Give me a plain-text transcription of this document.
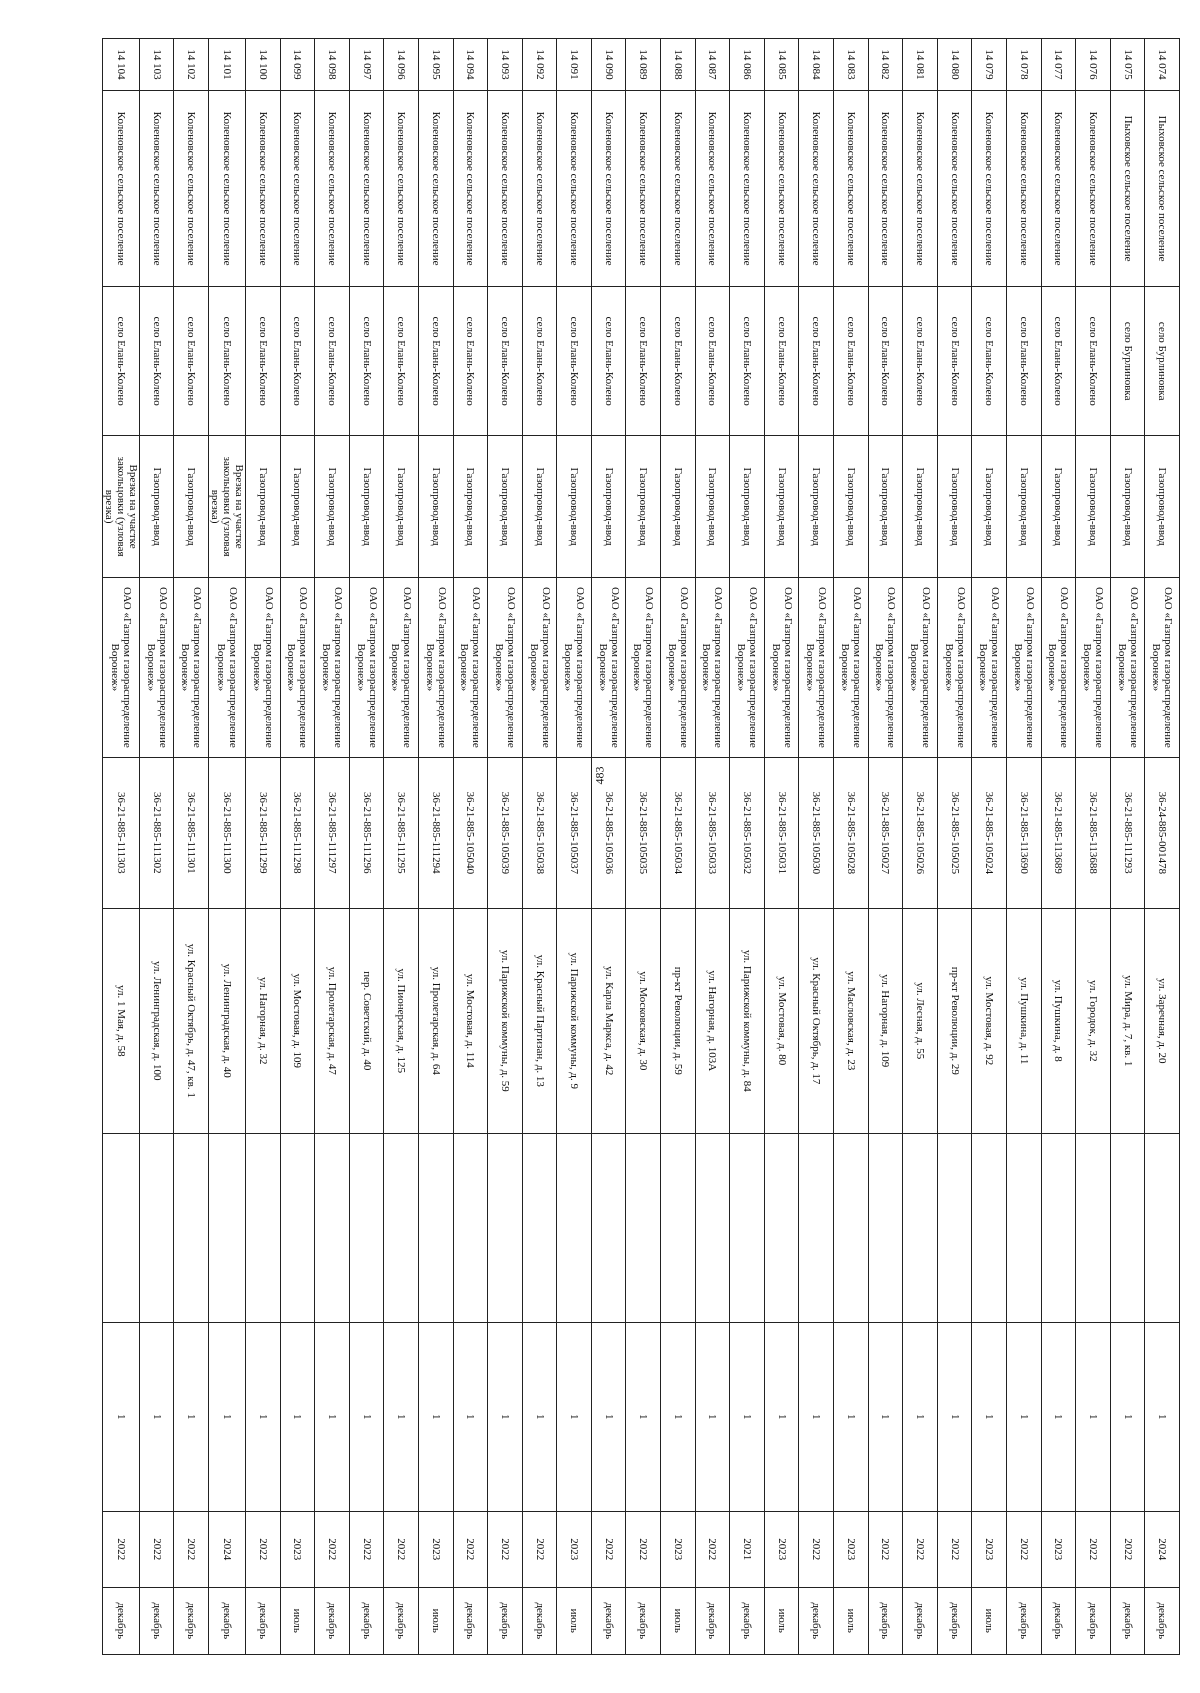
483
14 074	Пыховское сельское поселение	село Бурлиновка	Газопровод-ввод	ОАО «Газпром газораспределение Воронеж»	36-24-885-001478	ул. Заречная, д. 20		1	2024	декабрь
14 075	Пыховское сельское поселение	село Бурлиновка	Газопровод-ввод	ОАО «Газпром газораспределение Воронеж»	36-21-885-111293	ул. Мира, д. 7, кв. 1		1	2022	декабрь
14 076	Коленовское сельское поселение	село Елань-Колено	Газопровод-ввод	ОАО «Газпром газораспределение Воронеж»	36-21-885-113688	ул. Городок, д. 32		1	2022	декабрь
14 077	Коленовское сельское поселение	село Елань-Колено	Газопровод-ввод	ОАО «Газпром газораспределение Воронеж»	36-21-885-113689	ул. Пушкина, д. 8		1	2023	декабрь
14 078	Коленовское сельское поселение	село Елань-Колено	Газопровод-ввод	ОАО «Газпром газораспределение Воронеж»	36-21-885-113690	ул. Пушкина, д. 11		1	2022	декабрь
14 079	Коленовское сельское поселение	село Елань-Колено	Газопровод-ввод	ОАО «Газпром газораспределение Воронеж»	36-21-885-105024	ул. Мостовая, д. 92		1	2023	июль
14 080	Коленовское сельское поселение	село Елань-Колено	Газопровод-ввод	ОАО «Газпром газораспределение Воронеж»	36-21-885-105025	пр-кт Революции, д. 29		1	2022	декабрь
14 081	Коленовское сельское поселение	село Елань-Колено	Газопровод-ввод	ОАО «Газпром газораспределение Воронеж»	36-21-885-105026	ул. Лесная, д. 55		1	2022	декабрь
14 082	Коленовское сельское поселение	село Елань-Колено	Газопровод-ввод	ОАО «Газпром газораспределение Воронеж»	36-21-885-105027	ул. Нагорная, д. 109		1	2022	декабрь
14 083	Коленовское сельское поселение	село Елань-Колено	Газопровод-ввод	ОАО «Газпром газораспределение Воронеж»	36-21-885-105028	ул. Масловская, д. 23		1	2023	июль
14 084	Коленовское сельское поселение	село Елань-Колено	Газопровод-ввод	ОАО «Газпром газораспределение Воронеж»	36-21-885-105030	ул. Красный Октябрь, д. 17		1	2022	декабрь
14 085	Коленовское сельское поселение	село Елань-Колено	Газопровод-ввод	ОАО «Газпром газораспределение Воронеж»	36-21-885-105031	ул. Мостовая, д. 80		1	2023	июль
14 086	Коленовское сельское поселение	село Елань-Колено	Газопровод-ввод	ОАО «Газпром газораспределение Воронеж»	36-21-885-105032	ул. Парижской коммуны, д. 84		1	2021	декабрь
14 087	Коленовское сельское поселение	село Елань-Колено	Газопровод-ввод	ОАО «Газпром газораспределение Воронеж»	36-21-885-105033	ул. Нагорная, д. 103А		1	2022	декабрь
14 088	Коленовское сельское поселение	село Елань-Колено	Газопровод-ввод	ОАО «Газпром газораспределение Воронеж»	36-21-885-105034	пр-кт Революции, д. 59		1	2023	июль
14 089	Коленовское сельское поселение	село Елань-Колено	Газопровод-ввод	ОАО «Газпром газораспределение Воронеж»	36-21-885-105035	ул. Московская, д. 30		1	2022	декабрь
14 090	Коленовское сельское поселение	село Елань-Колено	Газопровод-ввод	ОАО «Газпром газораспределение Воронеж»	36-21-885-105036	ул. Карла Маркса, д. 42		1	2022	декабрь
14 091	Коленовское сельское поселение	село Елань-Колено	Газопровод-ввод	ОАО «Газпром газораспределение Воронеж»	36-21-885-105037	ул. Парижской коммуны, д. 9		1	2023	июль
14 092	Коленовское сельское поселение	село Елань-Колено	Газопровод-ввод	ОАО «Газпром газораспределение Воронеж»	36-21-885-105038	ул. Красный Партизан, д. 13		1	2022	декабрь
14 093	Коленовское сельское поселение	село Елань-Колено	Газопровод-ввод	ОАО «Газпром газораспределение Воронеж»	36-21-885-105039	ул. Парижской коммуны, д. 59		1	2022	декабрь
14 094	Коленовское сельское поселение	село Елань-Колено	Газопровод-ввод	ОАО «Газпром газораспределение Воронеж»	36-21-885-105040	ул. Мостовая, д. 114		1	2022	декабрь
14 095	Коленовское сельское поселение	село Елань-Колено	Газопровод-ввод	ОАО «Газпром газораспределение Воронеж»	36-21-885-111294	ул. Пролетарская, д. 64		1	2023	июль
14 096	Коленовское сельское поселение	село Елань-Колено	Газопровод-ввод	ОАО «Газпром газораспределение Воронеж»	36-21-885-111295	ул. Пионерская, д. 125		1	2022	декабрь
14 097	Коленовское сельское поселение	село Елань-Колено	Газопровод-ввод	ОАО «Газпром газораспределение Воронеж»	36-21-885-111296	пер. Советский, д. 40		1	2022	декабрь
14 098	Коленовское сельское поселение	село Елань-Колено	Газопровод-ввод	ОАО «Газпром газораспределение Воронеж»	36-21-885-111297	ул. Пролетарская, д. 47		1	2022	декабрь
14 099	Коленовское сельское поселение	село Елань-Колено	Газопровод-ввод	ОАО «Газпром газораспределение Воронеж»	36-21-885-111298	ул. Мостовая, д. 109		1	2023	июль
14 100	Коленовское сельское поселение	село Елань-Колено	Газопровод-ввод	ОАО «Газпром газораспределение Воронеж»	36-21-885-111299	ул. Нагорная, д. 32		1	2022	декабрь
14 101	Коленовское сельское поселение	село Елань-Колено	Врезка на участке закольцовки (узловая врезка)	ОАО «Газпром газораспределение Воронеж»	36-21-885-111300	ул. Ленинградская, д. 40		1	2024	декабрь
14 102	Коленовское сельское поселение	село Елань-Колено	Газопровод-ввод	ОАО «Газпром газораспределение Воронеж»	36-21-885-111301	ул. Красный Октябрь, д. 47, кв. 1		1	2022	декабрь
14 103	Коленовское сельское поселение	село Елань-Колено	Газопровод-ввод	ОАО «Газпром газораспределение Воронеж»	36-21-885-111302	ул. Ленинградская, д. 100		1	2022	декабрь
14 104	Коленовское сельское поселение	село Елань-Колено	Врезка на участке закольцовки (узловая врезка)	ОАО «Газпром газораспределение Воронеж»	36-21-885-111303	ул. 1 Мая, д. 58		1	2022	декабрь
